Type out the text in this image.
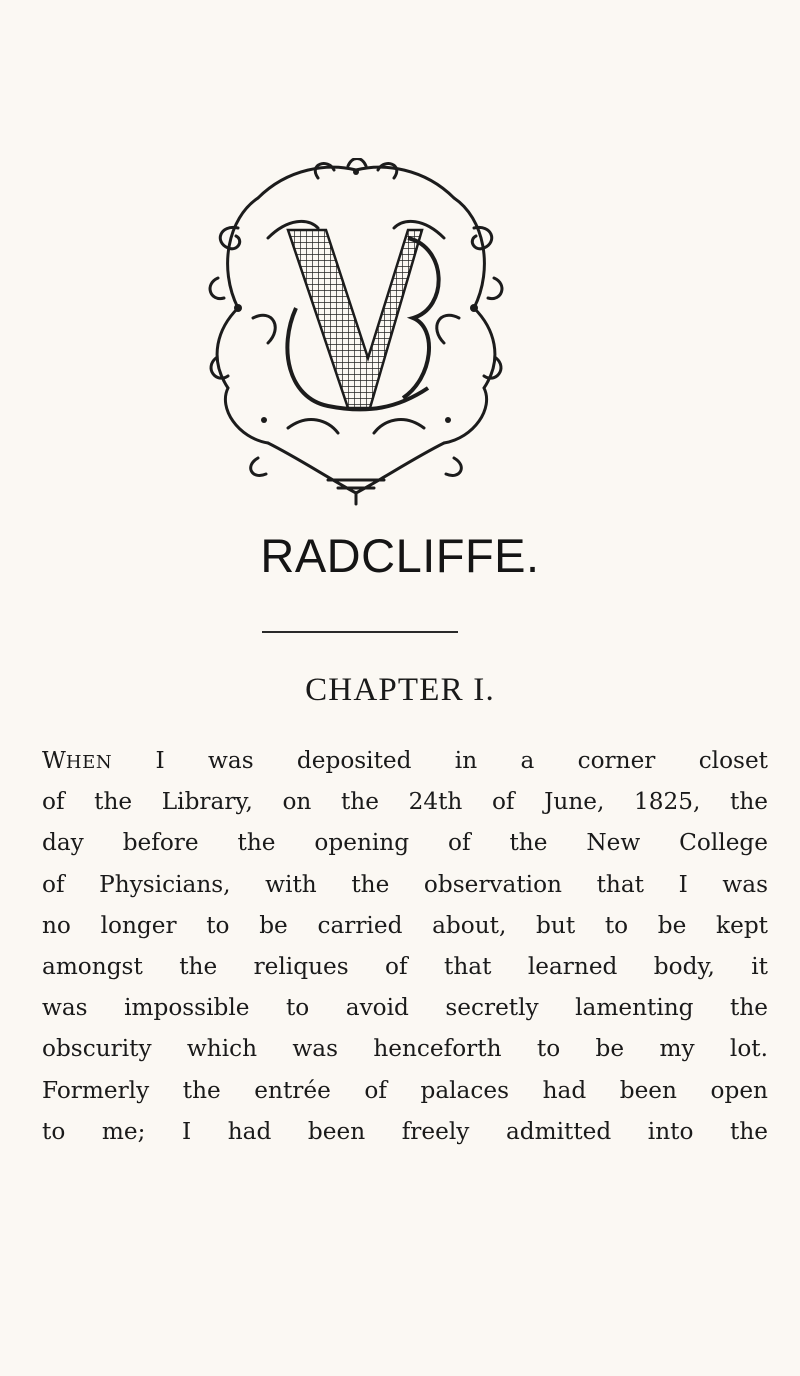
RADCLIFFE.
CHAPTER I.
WHEN I was deposited in a corner closet
of the Library, on the 24th of June, 1825, the
day before the opening of the New College
of Physicians, with the observation that I was
no longer to be carried about, but to be kept
amongst the reliques of that learned body, it
was impossible to avoid secretly lamenting the
obscurity which was henceforth to be my lot.
Formerly the entrée of palaces had been open
to me; I had been freely admitted into the
